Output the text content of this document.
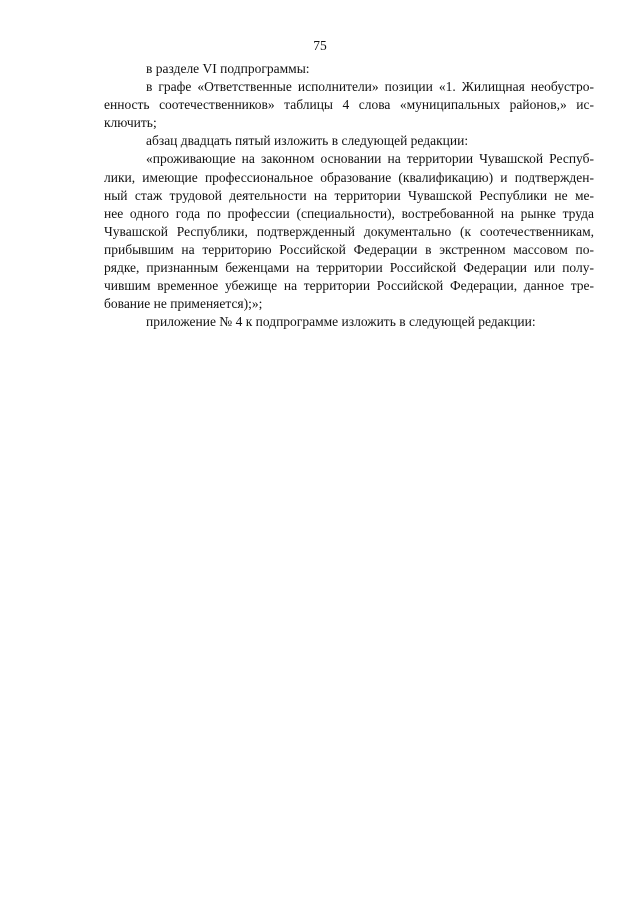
75
в разделе VI подпрограммы:
в графе «Ответственные исполнители» позиции «1. Жилищная необустро-
енность соотечественников» таблицы 4 слова «муниципальных районов,» ис-
ключить;
абзац двадцать пятый изложить в следующей редакции:
«проживающие на законном основании на территории Чувашской Респуб-
лики, имеющие профессиональное образование (квалификацию) и подтвержден-
ный стаж трудовой деятельности на территории Чувашской Республики не ме-
нее одного года по профессии (специальности), востребованной на рынке труда
Чувашской Республики, подтвержденный документально (к соотечественникам,
прибывшим на территорию Российской Федерации в экстренном массовом по-
рядке, признанным беженцами на территории Российской Федерации или полу-
чившим временное убежище на территории Российской Федерации, данное тре-
бование не применяется);»;
приложение № 4 к подпрограмме изложить в следующей редакции:
